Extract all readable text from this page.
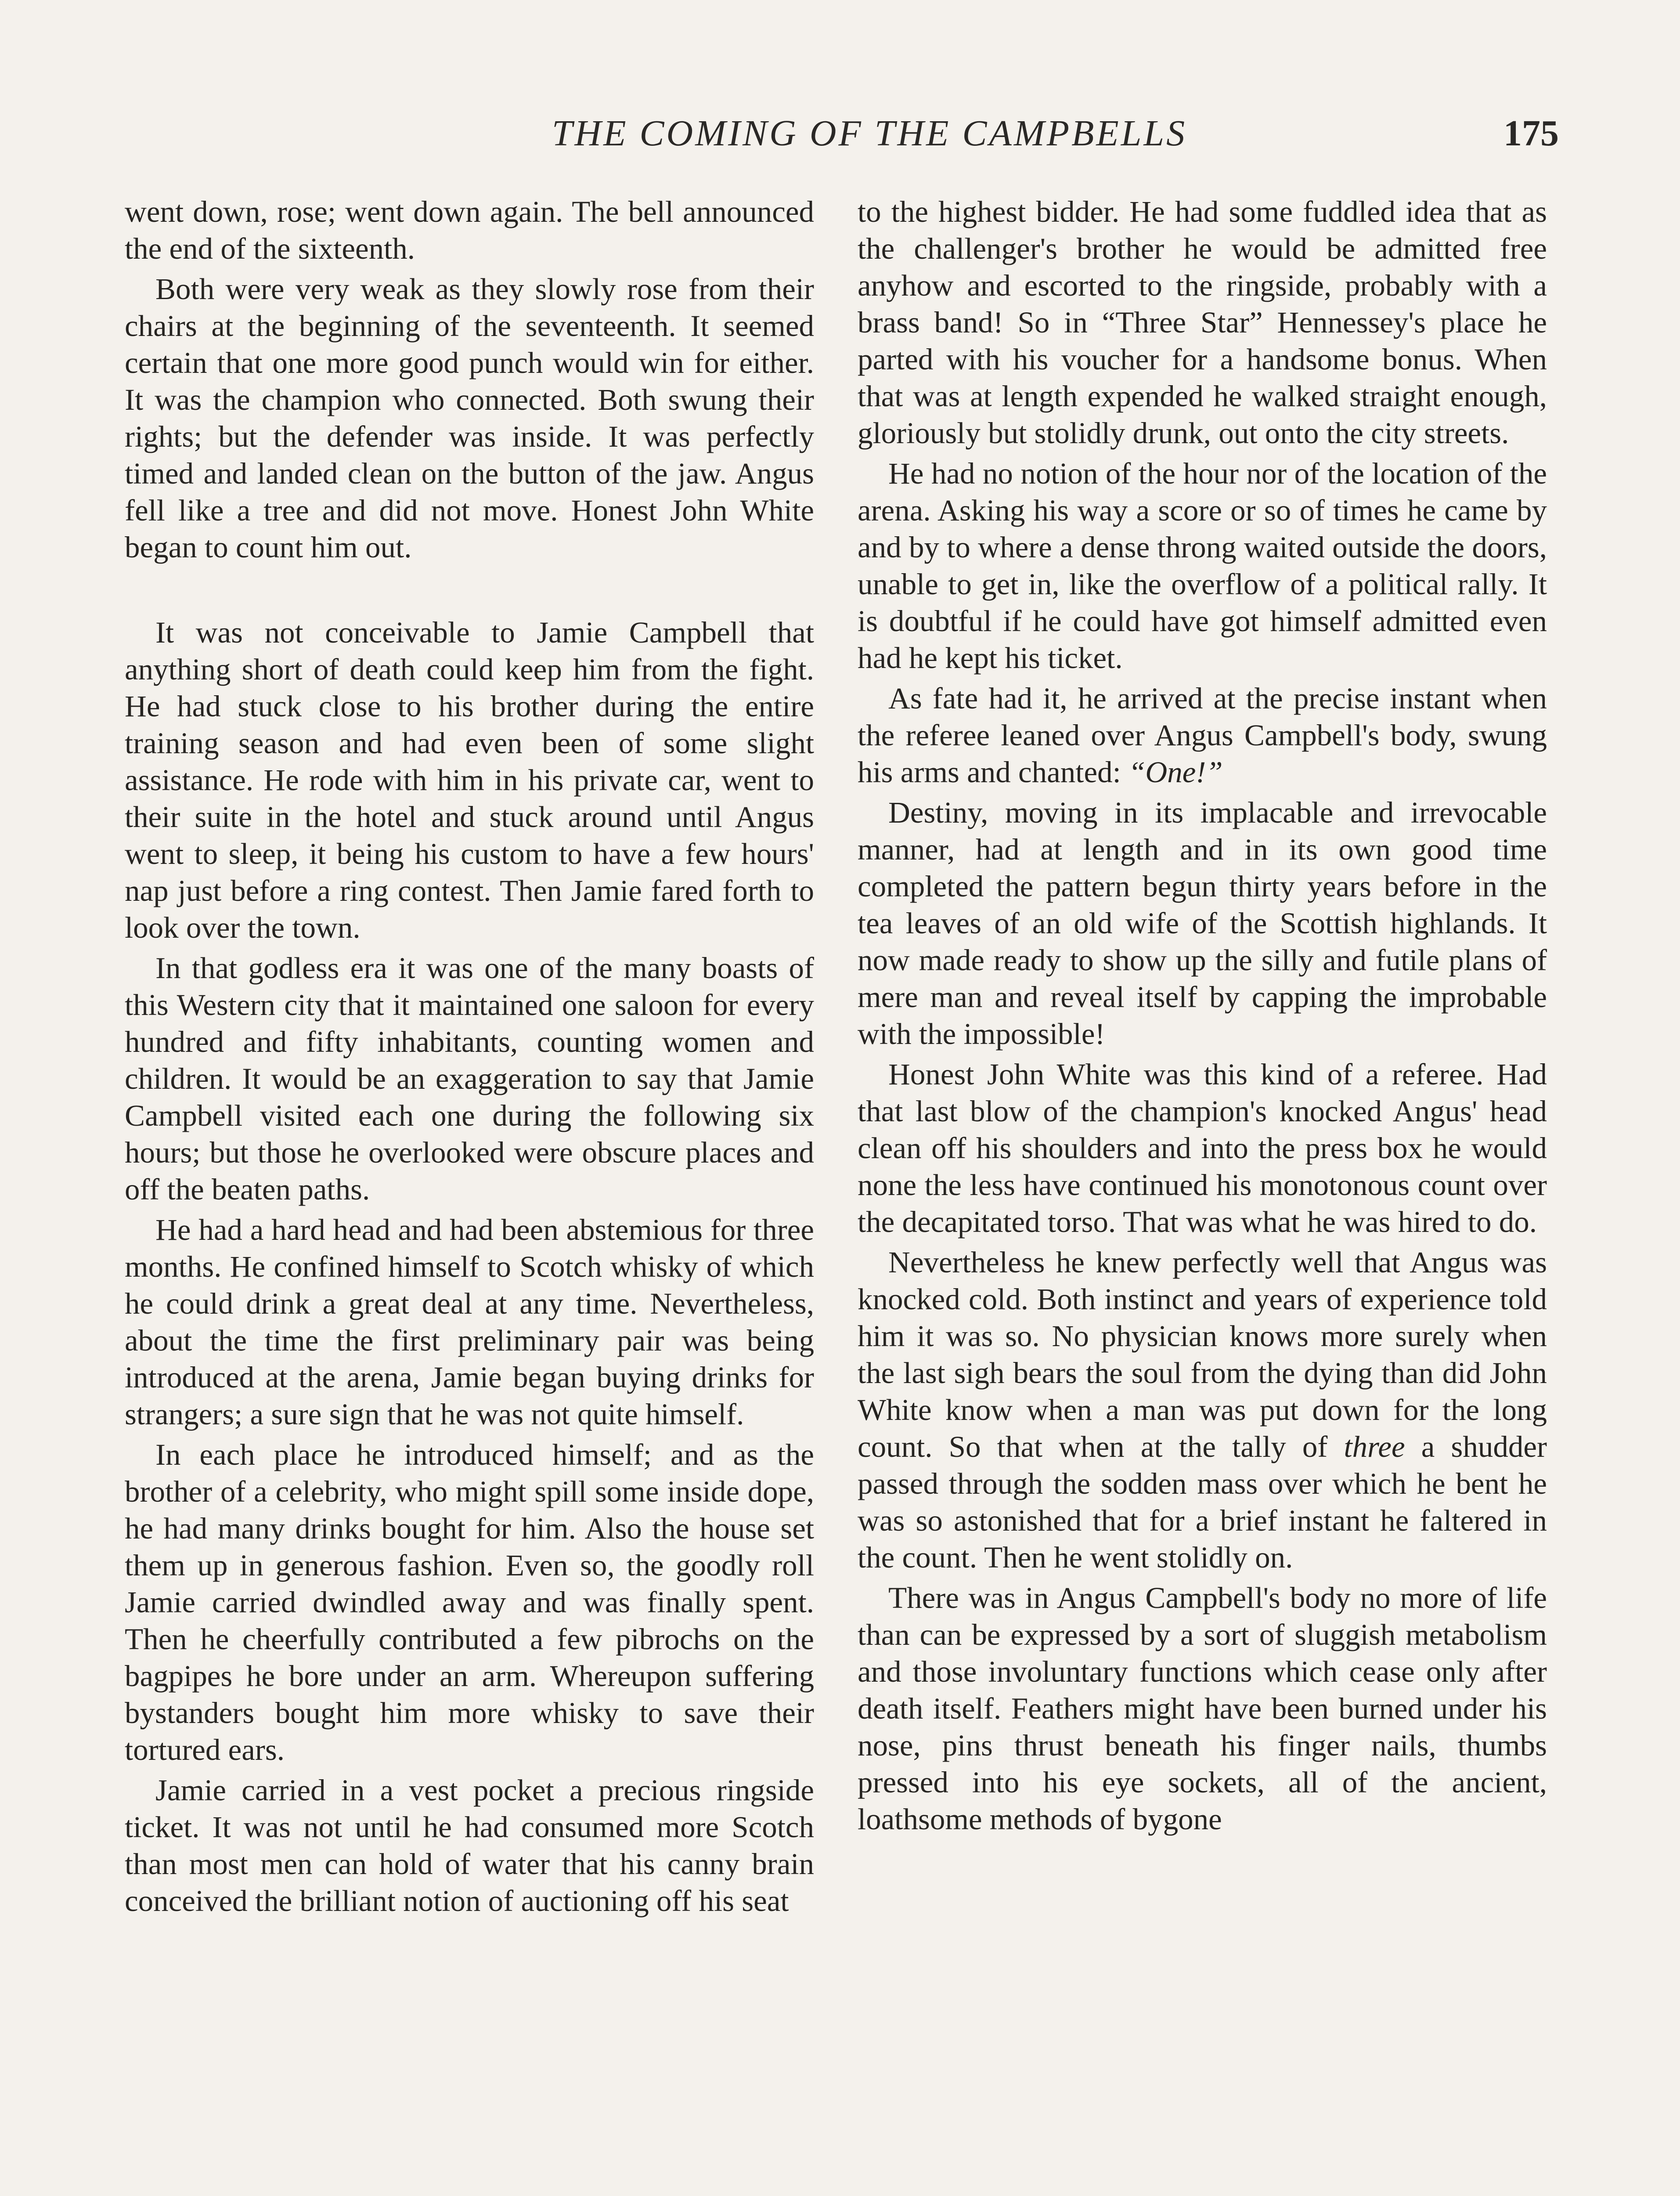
THE COMING OF THE CAMPBELLS	175

went down, rose; went down again. The bell announced the end of the sixteenth.

Both were very weak as they slowly rose from their chairs at the beginning of the seventeenth. It seemed certain that one more good punch would win for either. It was the champion who connected. Both swung their rights; but the defender was inside. It was perfectly timed and landed clean on the button of the jaw. Angus fell like a tree and did not move. Honest John White began to count him out.

It was not conceivable to Jamie Campbell that anything short of death could keep him from the fight. He had stuck close to his brother during the entire training season and had even been of some slight assistance. He rode with him in his private car, went to their suite in the hotel and stuck around until Angus went to sleep, it being his custom to have a few hours' nap just before a ring contest. Then Jamie fared forth to look over the town.

In that godless era it was one of the many boasts of this Western city that it maintained one saloon for every hundred and fifty inhabitants, counting women and children. It would be an exaggeration to say that Jamie Campbell visited each one during the following six hours; but those he overlooked were obscure places and off the beaten paths.

He had a hard head and had been abstemious for three months. He confined himself to Scotch whisky of which he could drink a great deal at any time. Nevertheless, about the time the first preliminary pair was being introduced at the arena, Jamie began buying drinks for strangers; a sure sign that he was not quite himself.

In each place he introduced himself; and as the brother of a celebrity, who might spill some inside dope, he had many drinks bought for him. Also the house set them up in generous fashion. Even so, the goodly roll Jamie carried dwindled away and was finally spent. Then he cheerfully contributed a few pibrochs on the bagpipes he bore under an arm. Whereupon suffering bystanders bought him more whisky to save their tortured ears.

Jamie carried in a vest pocket a precious ringside ticket. It was not until he had consumed more Scotch than most men can hold of water that his canny brain conceived the brilliant notion of auctioning off his seat

to the highest bidder. He had some fuddled idea that as the challenger's brother he would be admitted free anyhow and escorted to the ringside, probably with a brass band! So in “Three Star” Hennessey's place he parted with his voucher for a handsome bonus. When that was at length expended he walked straight enough, gloriously but stolidly drunk, out onto the city streets.

He had no notion of the hour nor of the location of the arena. Asking his way a score or so of times he came by and by to where a dense throng waited outside the doors, unable to get in, like the overflow of a political rally. It is doubtful if he could have got himself admitted even had he kept his ticket.

As fate had it, he arrived at the precise instant when the referee leaned over Angus Campbell's body, swung his arms and chanted: “One!”

Destiny, moving in its implacable and irrevocable manner, had at length and in its own good time completed the pattern begun thirty years before in the tea leaves of an old wife of the Scottish highlands. It now made ready to show up the silly and futile plans of mere man and reveal itself by capping the improbable with the impossible!

Honest John White was this kind of a referee. Had that last blow of the champion's knocked Angus' head clean off his shoulders and into the press box he would none the less have continued his monotonous count over the decapitated torso. That was what he was hired to do.

Nevertheless he knew perfectly well that Angus was knocked cold. Both instinct and years of experience told him it was so. No physician knows more surely when the last sigh bears the soul from the dying than did John White know when a man was put down for the long count. So that when at the tally of three a shudder passed through the sodden mass over which he bent he was so astonished that for a brief instant he faltered in the count. Then he went stolidly on.

There was in Angus Campbell's body no more of life than can be expressed by a sort of sluggish metabolism and those involuntary functions which cease only after death itself. Feathers might have been burned under his nose, pins thrust beneath his finger nails, thumbs pressed into his eye sockets, all of the ancient, loathsome methods of bygone
